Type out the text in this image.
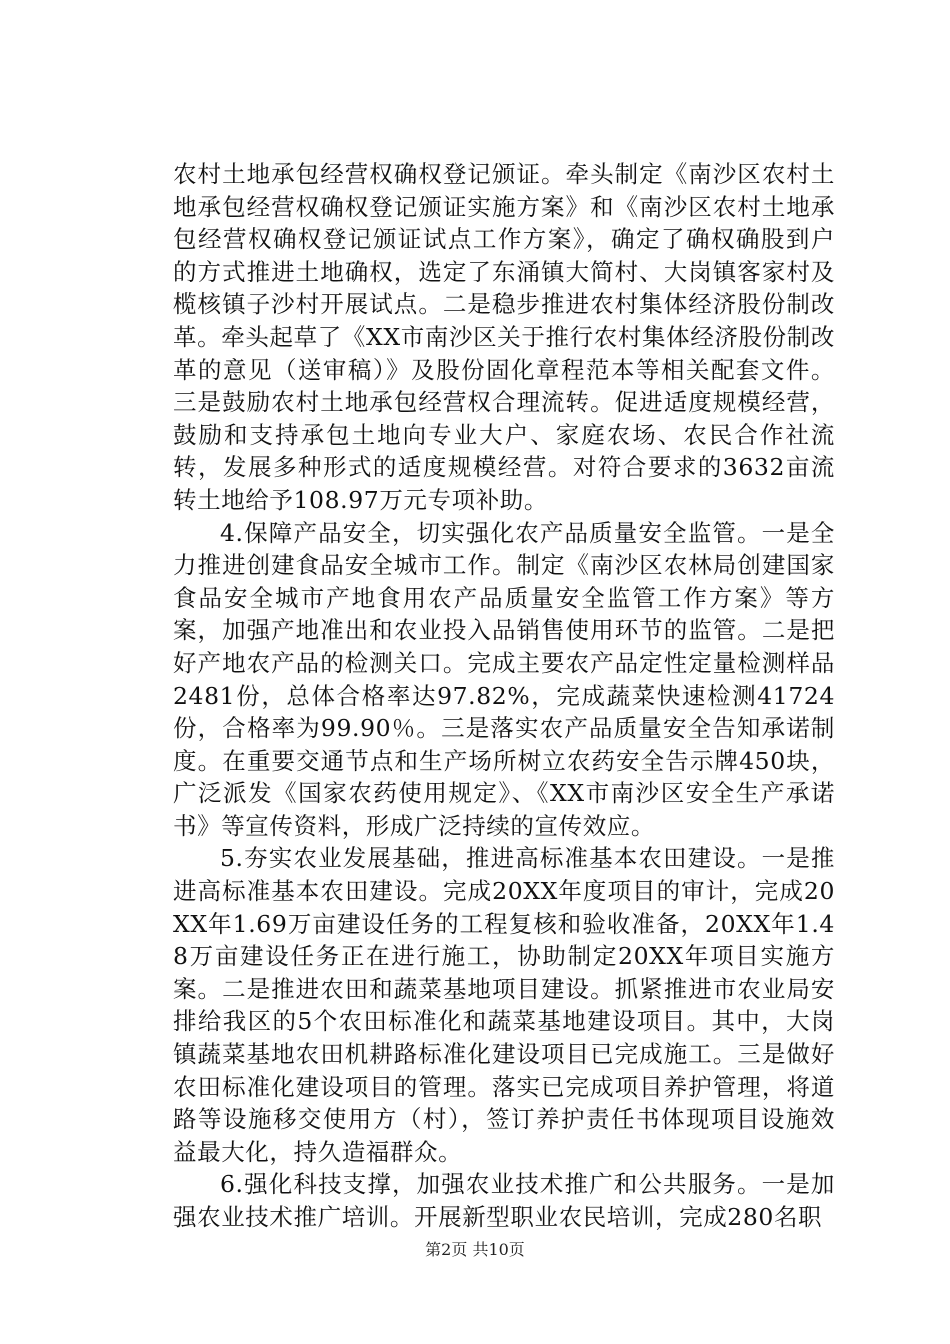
农村土地承包经营权确权登记颁证。牵头制定《南沙区农村土地承包经营权确权登记颁证实施方案》和《南沙区农村土地承包经营权确权登记颁证试点工作方案》，确定了确权确股到户的方式推进土地确权，选定了东涌镇大简村、大岗镇客家村及榄核镇子沙村开展试点。二是稳步推进农村集体经济股份制改革。牵头起草了《XX市南沙区关于推行农村集体经济股份制改革的意见（送审稿）》及股份固化章程范本等相关配套文件。三是鼓励农村土地承包经营权合理流转。促进适度规模经营，鼓励和支持承包土地向专业大户、家庭农场、农民合作社流转，发展多种形式的适度规模经营。对符合要求的3632亩流转土地给予108.97万元专项补助。

4.保障产品安全，切实强化农产品质量安全监管。一是全力推进创建食品安全城市工作。制定《南沙区农林局创建国家食品安全城市产地食用农产品质量安全监管工作方案》等方案，加强产地准出和农业投入品销售使用环节的监管。二是把好产地农产品的检测关口。完成主要农产品定性定量检测样品2481份，总体合格率达97.82%，完成蔬菜快速检测41724份，合格率为99.90％。三是落实农产品质量安全告知承诺制度。在重要交通节点和生产场所树立农药安全告示牌450块，广泛派发《国家农药使用规定》、《XX市南沙区安全生产承诺书》等宣传资料，形成广泛持续的宣传效应。

5.夯实农业发展基础，推进高标准基本农田建设。一是推进高标准基本农田建设。完成20XX年度项目的审计，完成20XX年1.69万亩建设任务的工程复核和验收准备，20XX年1.48万亩建设任务正在进行施工，协助制定20XX年项目实施方案。二是推进农田和蔬菜基地项目建设。抓紧推进市农业局安排给我区的5个农田标准化和蔬菜基地建设项目。其中，大岗镇蔬菜基地农田机耕路标准化建设项目已完成施工。三是做好农田标准化建设项目的管理。落实已完成项目养护管理，将道路等设施移交使用方（村），签订养护责任书体现项目设施效益最大化，持久造福群众。

6.强化科技支撑，加强农业技术推广和公共服务。一是加强农业技术推广培训。开展新型职业农民培训，完成280名职

第2页 共10页
